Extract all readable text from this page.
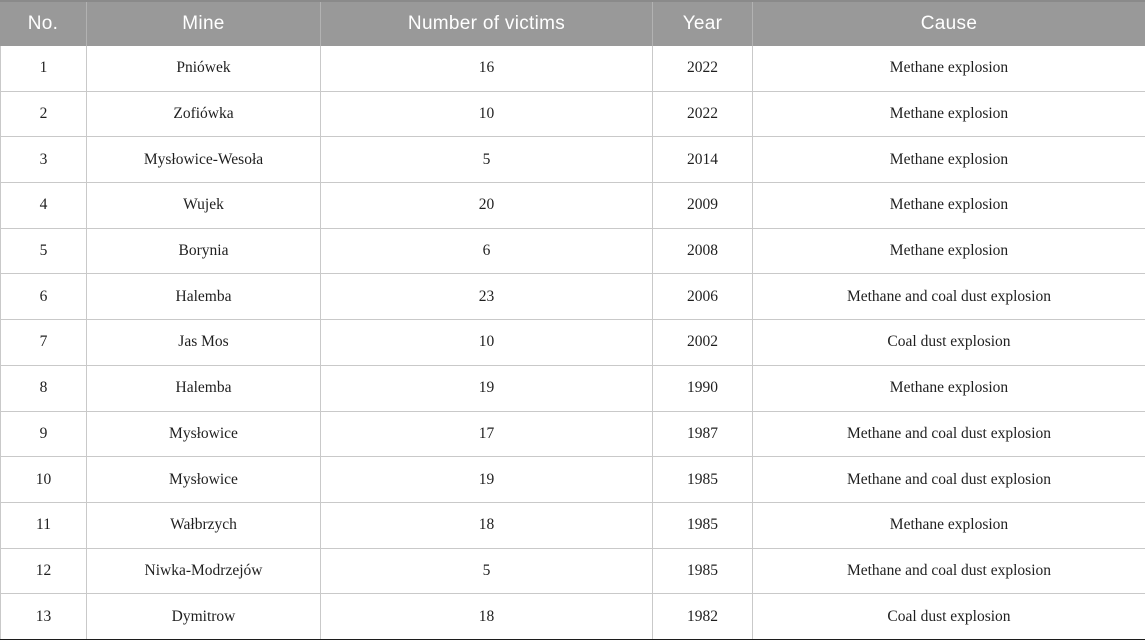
No.	Mine	Number of victims	Year	Cause
1	Pniówek	16	2022	Methane explosion
2	Zofiówka	10	2022	Methane explosion
3	Mysłowice-Wesoła	5	2014	Methane explosion
4	Wujek	20	2009	Methane explosion
5	Borynia	6	2008	Methane explosion
6	Halemba	23	2006	Methane and coal dust explosion
7	Jas Mos	10	2002	Coal dust explosion
8	Halemba	19	1990	Methane explosion
9	Mysłowice	17	1987	Methane and coal dust explosion
10	Mysłowice	19	1985	Methane and coal dust explosion
11	Wałbrzych	18	1985	Methane explosion
12	Niwka-Modrzejów	5	1985	Methane and coal dust explosion
13	Dymitrow	18	1982	Coal dust explosion
